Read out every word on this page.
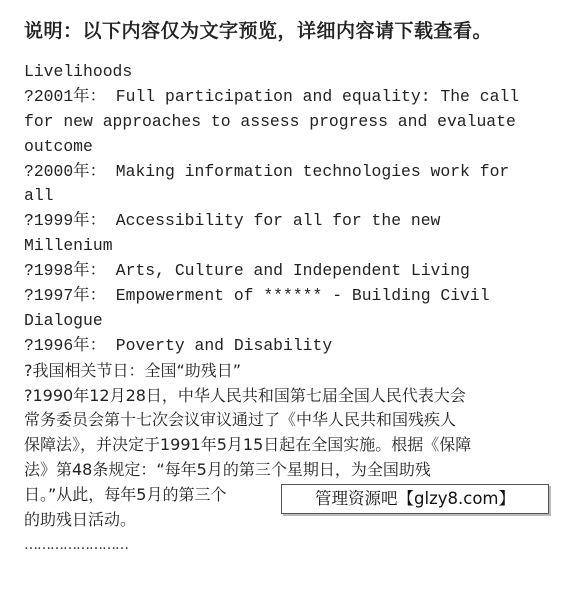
说明：以下内容仅为文字预览，详细内容请下载查看。
Livelihoods
?2001年： Full participation and equality: The call
for new approaches to assess progress and evaluate
outcome
?2000年： Making information technologies work for
all
?1999年： Accessibility for all for the new
Millenium
?1998年： Arts, Culture and Independent Living
?1997年： Empowerment of ****** - Building Civil
Dialogue
?1996年： Poverty and Disability
?我国相关节日：全国“助残日”
?1990年12月28日，中华人民共和国第七届全国人民代表大会
常务委员会第十七次会议审议通过了《中华人民共和国残疾人
保障法》，并决定于1991年5月15日起在全国实施。根据《保障
法》第48条规定：“每年5月的第三个星期日，为全国助残
日。”从此，每年5月的第三个
的助残日活动。
……………………
管理资源吧【glzy8.com】
